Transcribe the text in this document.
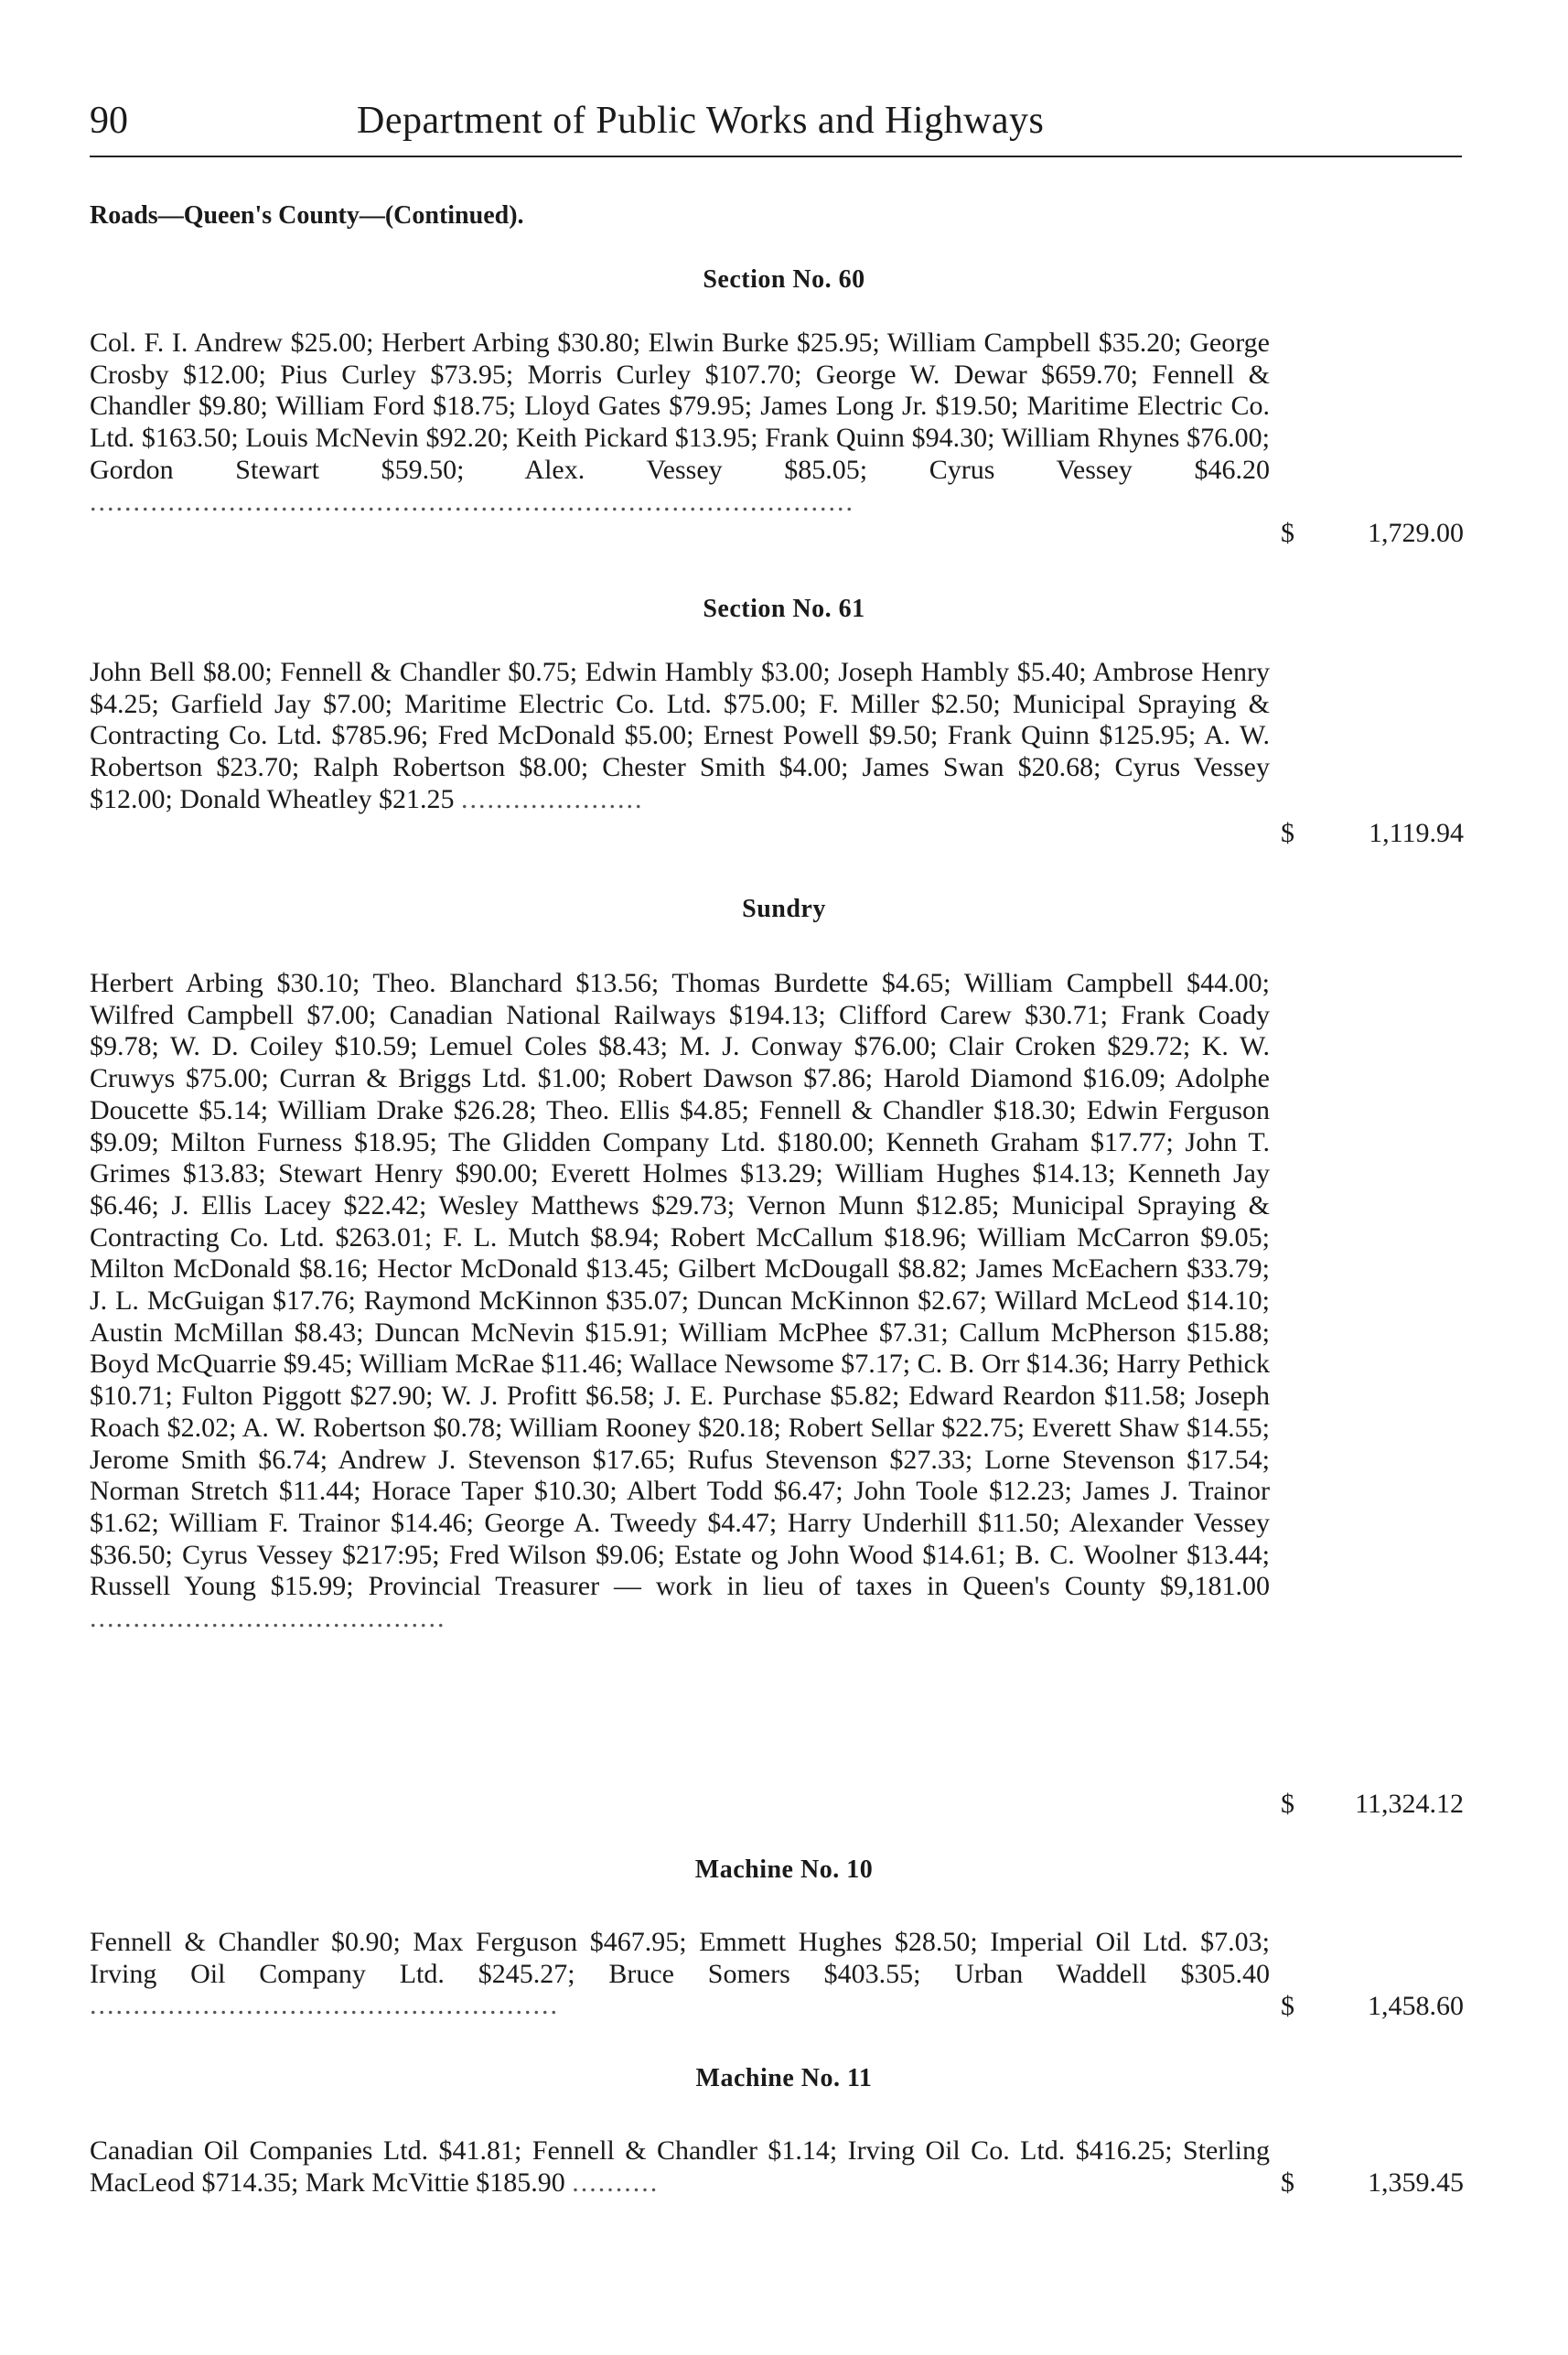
90	Department of Public Works and Highways
Roads—Queen's County—(Continued).
Section No. 60
Col. F. I. Andrew $25.00; Herbert Arbing $30.80; Elwin Burke $25.95; William Campbell $35.20; George Crosby $12.00; Pius Curley $73.95; Morris Curley $107.70; George W. Dewar $659.70; Fennell & Chandler $9.80; William Ford $18.75; Lloyd Gates $79.95; James Long Jr. $19.50; Maritime Electric Co. Ltd. $163.50; Louis McNevin $92.20; Keith Pickard $13.95; Frank Quinn $94.30; William Rhynes $76.00; Gordon Stewart $59.50; Alex. Vessey $85.05; Cyrus Vessey $46.20 ........................................................................................
$	1,729.00
Section No. 61
John Bell $8.00; Fennell & Chandler $0.75; Edwin Hambly $3.00; Joseph Hambly $5.40; Ambrose Henry $4.25; Garfield Jay $7.00; Maritime Electric Co. Ltd. $75.00; F. Miller $2.50; Municipal Spraying & Contracting Co. Ltd. $785.96; Fred McDonald $5.00; Ernest Powell $9.50; Frank Quinn $125.95; A. W. Robertson $23.70; Ralph Robertson $8.00; Chester Smith $4.00; James Swan $20.68; Cyrus Vessey $12.00; Donald Wheatley $21.25 .....................
$	1,119.94
Sundry
Herbert Arbing $30.10; Theo. Blanchard $13.56; Thomas Burdette $4.65; William Campbell $44.00; Wilfred Campbell $7.00; Canadian National Railways $194.13; Clifford Carew $30.71; Frank Coady $9.78; W. D. Coiley $10.59; Lemuel Coles $8.43; M. J. Conway $76.00; Clair Croken $29.72; K. W. Cruwys $75.00; Curran & Briggs Ltd. $1.00; Robert Dawson $7.86; Harold Diamond $16.09; Adolphe Doucette $5.14; William Drake $26.28; Theo. Ellis $4.85; Fennell & Chandler $18.30; Edwin Ferguson $9.09; Milton Furness $18.95; The Glidden Company Ltd. $180.00; Kenneth Graham $17.77; John T. Grimes $13.83; Stewart Henry $90.00; Everett Holmes $13.29; William Hughes $14.13; Kenneth Jay $6.46; J. Ellis Lacey $22.42; Wesley Matthews $29.73; Vernon Munn $12.85; Municipal Spraying & Contracting Co. Ltd. $263.01; F. L. Mutch $8.94; Robert McCallum $18.96; William McCarron $9.05; Milton McDonald $8.16; Hector McDonald $13.45; Gilbert McDougall $8.82; James McEachern $33.79; J. L. McGuigan $17.76; Raymond McKinnon $35.07; Duncan McKinnon $2.67; Willard McLeod $14.10; Austin McMillan $8.43; Duncan McNevin $15.91; William McPhee $7.31; Callum McPherson $15.88; Boyd McQuarrie $9.45; William McRae $11.46; Wallace Newsome $7.17; C. B. Orr $14.36; Harry Pethick $10.71; Fulton Piggott $27.90; W. J. Profitt $6.58; J. E. Purchase $5.82; Edward Reardon $11.58; Joseph Roach $2.02; A. W. Robertson $0.78; William Rooney $20.18; Robert Sellar $22.75; Everett Shaw $14.55; Jerome Smith $6.74; Andrew J. Stevenson $17.65; Rufus Stevenson $27.33; Lorne Stevenson $17.54; Norman Stretch $11.44; Horace Taper $10.30; Albert Todd $6.47; John Toole $12.23; James J. Trainor $1.62; William F. Trainor $14.46; George A. Tweedy $4.47; Harry Underhill $11.50; Alexander Vessey $36.50; Cyrus Vessey $217:95; Fred Wilson $9.06; Estate og John Wood $14.61; B. C. Woolner $13.44; Russell Young $15.99; Provincial Treasurer — work in lieu of taxes in Queen's County $9,181.00 .........................................
$ 11,324.12
Machine No. 10
Fennell & Chandler $0.90; Max Ferguson $467.95; Emmett Hughes $28.50; Imperial Oil Ltd. $7.03; Irving Oil Company Ltd. $245.27; Bruce Somers $403.55; Urban Waddell $305.40 ......................................................	$	1,458.60
Machine No. 11
Canadian Oil Companies Ltd. $41.81; Fennell & Chandler $1.14; Irving Oil Co. Ltd. $416.25; Sterling MacLeod $714.35; Mark McVittie $185.90 ..........	$	1,359.45
